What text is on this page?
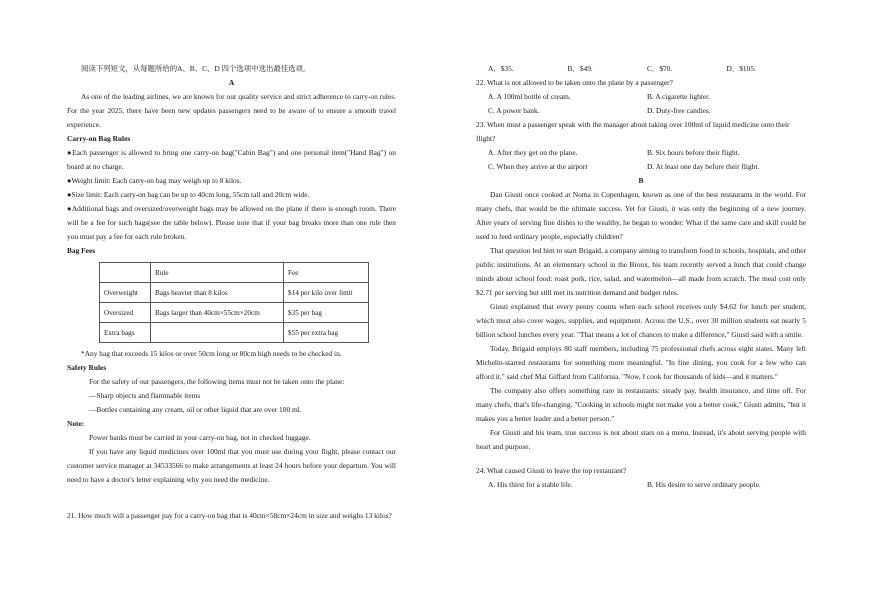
阅读下列短文，从每题所给的A、B、C、D 四个选项中选出最佳选项。

A

As one of the leading airlines, we are known for our quality service and strict adherence to carry-on rules. For the year 2025, there have been new updates passengers need to be aware of to ensure a smooth travel experience.

Carry-on Bag Rules

●Each passenger is allowed to bring one carry-on bag("Cabin Bag") and one personal item("Hand Bag") on board at no charge.

●Weight limit: Each carry-on bag may weigh up to 8 kilos.

●Size limit: Each carry-on bag can be up to 40cm long, 55cm tall and 20cm wide.

●Additional bags and oversized/overweight bags may be allowed on the plane if there is enough room. There will be a fee for such bags(see the table below). Please note that if your bag breaks more than one rule then you must pay a fee for each rule broken.

Bag Fees

	Rule	Fee
Overweight	Bags heavier than 8 kilos	$14 per kilo over limit
Oversized	Bags larger than 40cm×55cm×20cm	$35 per bag
Extra bags		$55 per extra bag

*Any bag that exceeds 15 kilos or over 50cm long or 80cm high needs to be checked in.

Safety Rules

For the safety of our passengers, the following items must not be taken onto the plane:

—Sharp objects and flammable items

—Bottles containing any cream, oil or other liquid that are over 100 ml.

Note:

Power banks must be carried in your carry-on bag, not in checked luggage.

If you have any liquid medicines over 100ml that you must use during your flight, please contact our customer service manager at 34533566 to make arrangements at least 24 hours before your departure. You will need to have a doctor's letter explaining why you need the medicine.

21. How much will a passenger pay for a carry-on bag that is 40cm×58cm×24cm in size and weighs 13 kilos?

A．$35.	B．$49.	C．$70.	D．$105.

22. What is not allowed to be taken onto the plane by a passenger?

A. A 100ml bottle of cream.	B. A cigarette lighter.
C. A power bank.	D. Duty-free candies.

23. When must a passenger speak with the manager about taking over 100ml of liquid medicine onto their flight?

A. After they get on the plane.	B. Six hours before their flight.
C. When they arrive at the airport	D. At least one day before their flight.

B

Dan Giusti once cooked at Noma in Copenhagen, known as one of the best restaurants in the world. For many chefs, that would be the ultimate success. Yet for Giusti, it was only the beginning of a new journey. After years of serving fine dishes to the wealthy, he began to wonder: What if the same care and skill could be used to feed ordinary people, especially children?

That question led him to start Brigaid, a company aiming to transform food in schools, hospitals, and other public institutions. At an elementary school in the Bronx, his team recently served a lunch that could change minds about school food: roast pork, rice, salad, and watermelon—all made from scratch. The meal cost only $2.71 per serving but still met its nutrition demand and budget rules.

Giusti explained that every penny counts when each school receives only $4.62 for lunch per student, which must also cover wages, supplies, and equipment. Across the U.S., over 30 million students eat nearly 5 billion school lunches every year. "That means a lot of chances to make a difference," Giusti said with a smile.

Today, Brigaid employs 80 staff members, including 75 professional chefs across eight states. Many left Michelin-starred restaurants for something more meaningful. "In fine dining, you cook for a few who can afford it," said chef Mai Giffard from California. "Now, I cook for thousands of kids—and it matters."

The company also offers something rare in restaurants: steady pay, health insurance, and time off. For many chefs, that's life-changing. "Cooking in schools might not make you a better cook," Giusti admits, "but it makes you a better leader and a better person."

For Giusti and his team, true success is not about stars on a menu. Instead, it's about serving people with heart and purpose.

24. What caused Giusti to leave the top restaurant?

A. His thirst for a stable life.	B. His desire to serve ordinary people.
